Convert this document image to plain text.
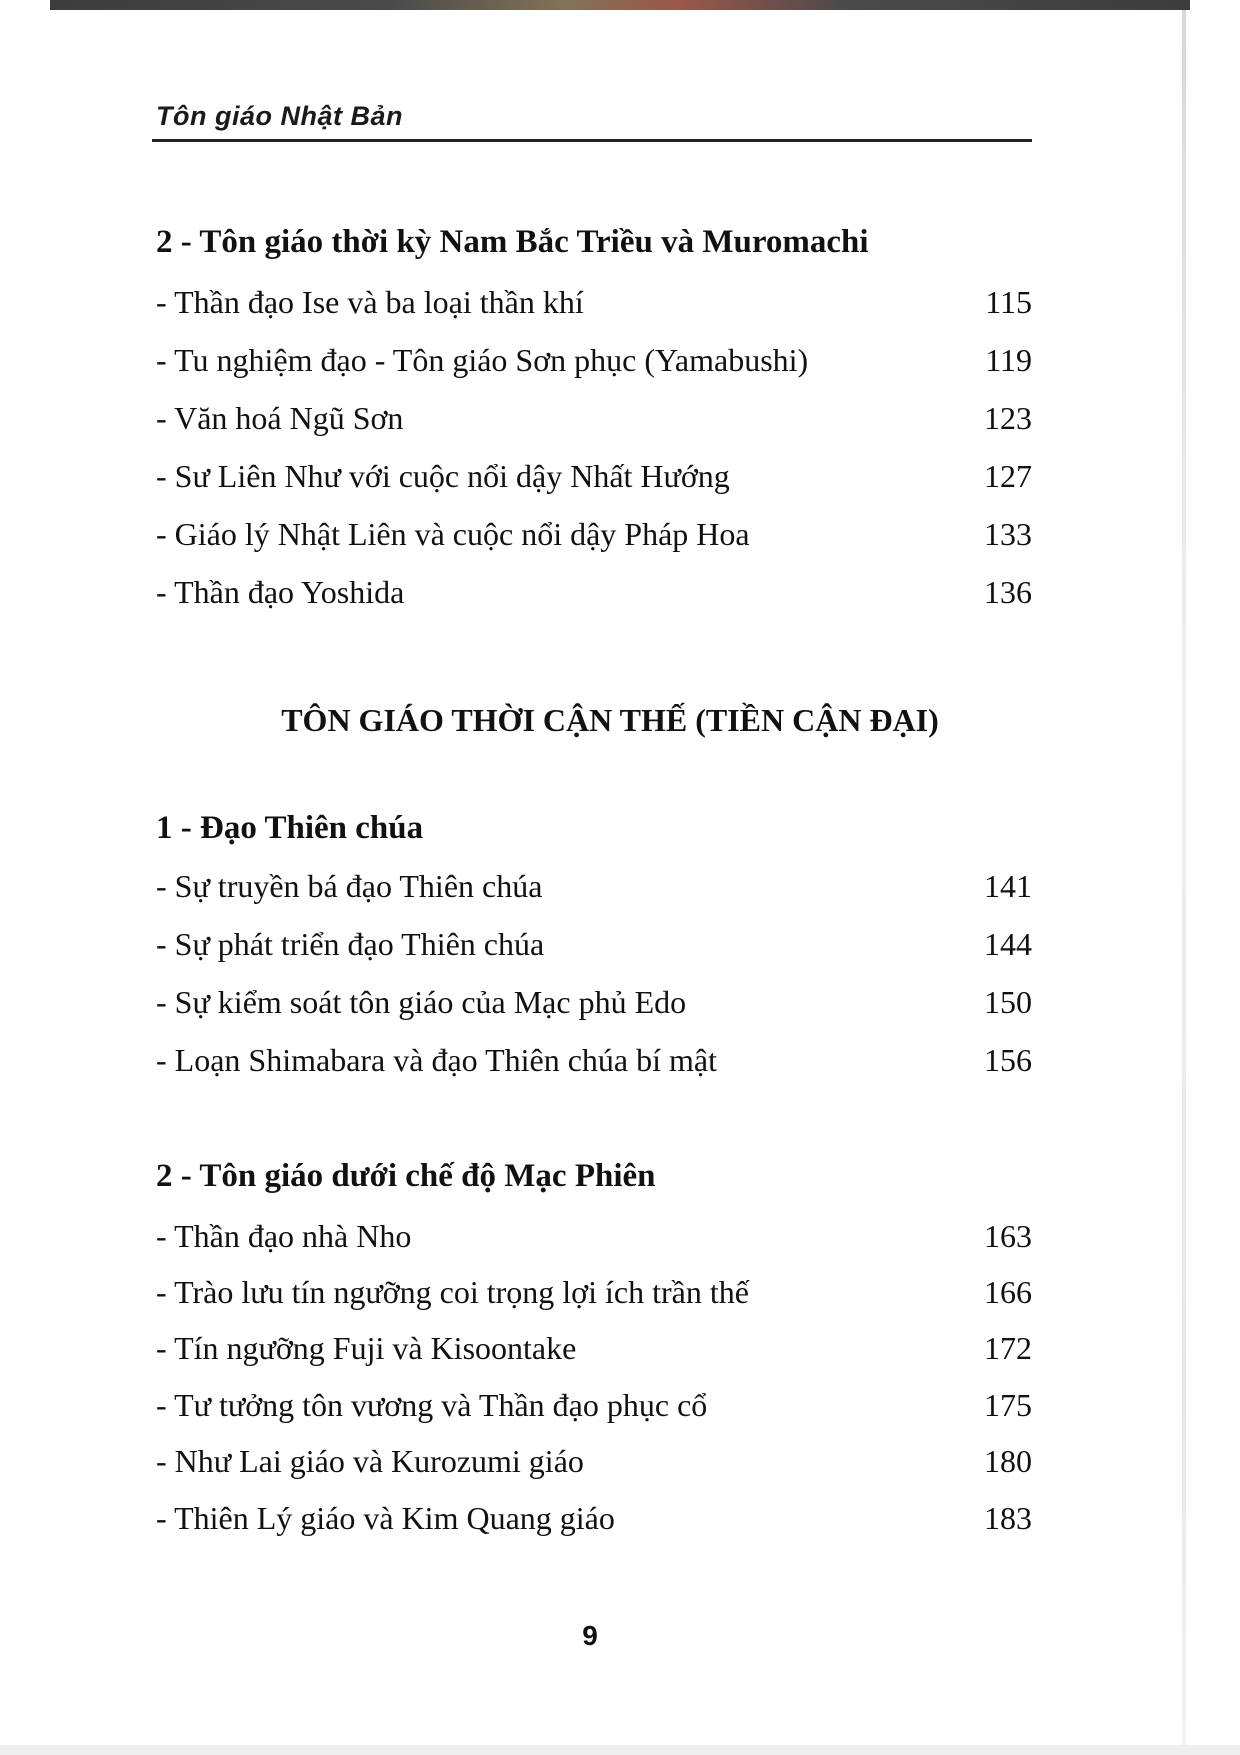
Tôn giáo Nhật Bản
2 - Tôn giáo thời kỳ Nam Bắc Triều và Muromachi
- Thần đạo Ise và ba loại thần khí	115
- Tu nghiệm đạo - Tôn giáo Sơn phục (Yamabushi)	119
- Văn hoá Ngũ Sơn	123
- Sư Liên Như với cuộc nổi dậy Nhất Hướng	127
- Giáo lý Nhật Liên và cuộc nổi dậy Pháp Hoa	133
- Thần đạo Yoshida	136
TÔN GIÁO THỜI CẬN THẾ (TIỀN CẬN ĐẠI)
1 - Đạo Thiên chúa
- Sự truyền bá đạo Thiên chúa	141
- Sự phát triển đạo Thiên chúa	144
- Sự kiểm soát tôn giáo của Mạc phủ Edo	150
- Loạn Shimabara và đạo Thiên chúa bí mật	156
2 - Tôn giáo dưới chế độ Mạc Phiên
- Thần đạo nhà Nho	163
- Trào lưu tín ngưỡng coi trọng lợi ích trần thế	166
- Tín ngưỡng Fuji và Kisoontake	172
- Tư tưởng tôn vương và Thần đạo phục cổ	175
- Như Lai giáo và Kurozumi giáo	180
- Thiên Lý giáo và Kim Quang giáo	183
9
